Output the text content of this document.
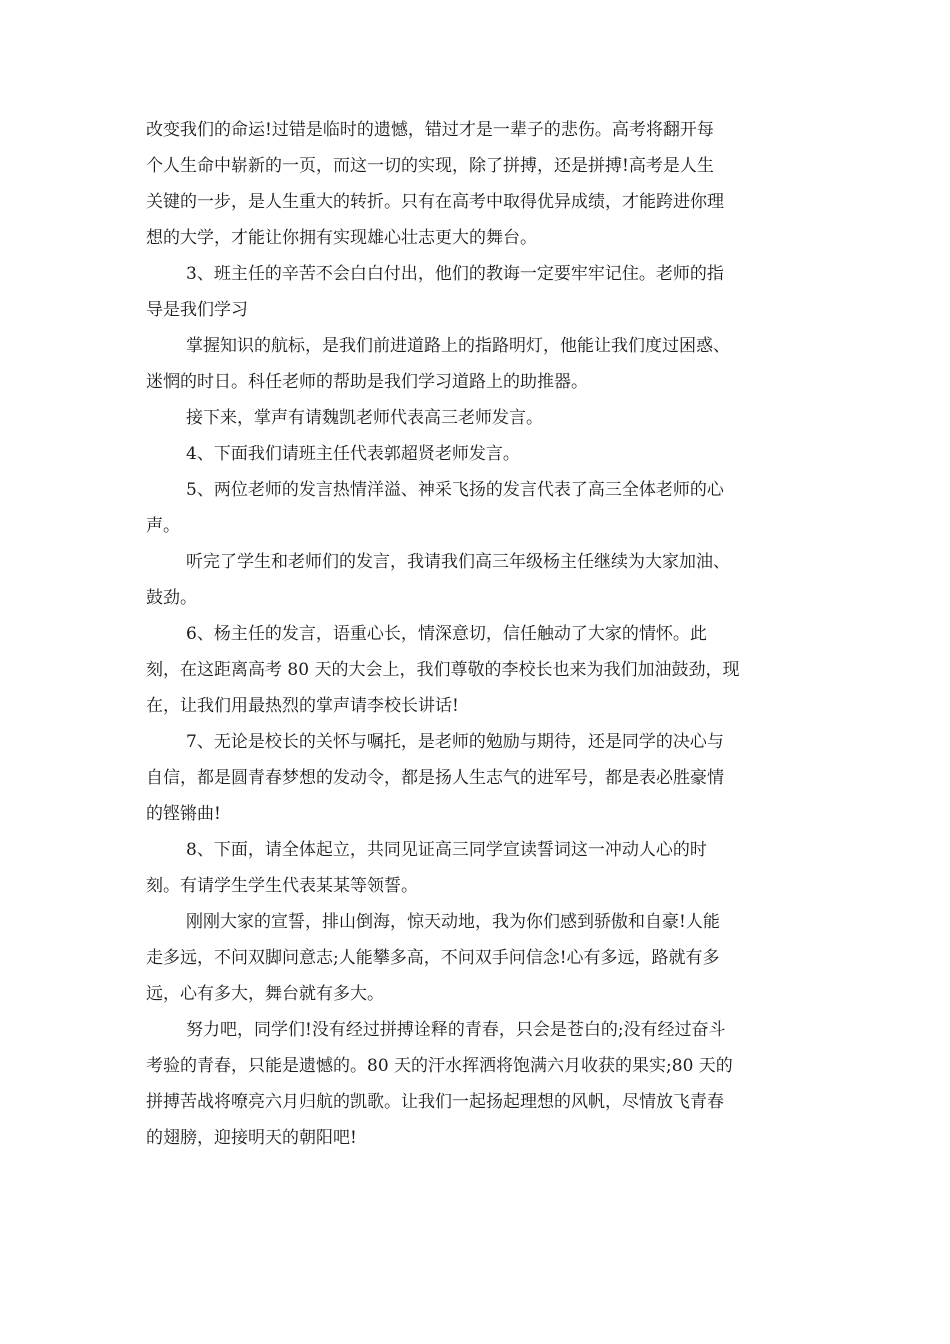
改变我们的命运!过错是临时的遗憾，错过才是一辈子的悲伤。高考将翻开每
个人生命中崭新的一页，而这一切的实现，除了拼搏，还是拼搏!高考是人生
关键的一步，是人生重大的转折。只有在高考中取得优异成绩，才能跨进你理
想的大学，才能让你拥有实现雄心壮志更大的舞台。

3、班主任的辛苦不会白白付出，他们的教诲一定要牢牢记住。老师的指
导是我们学习

掌握知识的航标，是我们前进道路上的指路明灯，他能让我们度过困惑、
迷惘的时日。科任老师的帮助是我们学习道路上的助推器。

接下来，掌声有请魏凯老师代表高三老师发言。

4、下面我们请班主任代表郭超贤老师发言。

5、两位老师的发言热情洋溢、神采飞扬的发言代表了高三全体老师的心
声。

听完了学生和老师们的发言，我请我们高三年级杨主任继续为大家加油、
鼓劲。

6、杨主任的发言，语重心长，情深意切，信任触动了大家的情怀。此
刻，在这距离高考 80 天的大会上，我们尊敬的李校长也来为我们加油鼓劲，现
在，让我们用最热烈的掌声请李校长讲话!

7、无论是校长的关怀与嘱托，是老师的勉励与期待，还是同学的决心与
自信，都是圆青春梦想的发动令，都是扬人生志气的进军号，都是表必胜豪情
的铿锵曲!

8、下面，请全体起立，共同见证高三同学宣读誓词这一冲动人心的时
刻。有请学生学生代表某某等领誓。

刚刚大家的宣誓，排山倒海，惊天动地，我为你们感到骄傲和自豪!人能
走多远，不问双脚问意志;人能攀多高，不问双手问信念!心有多远，路就有多
远，心有多大，舞台就有多大。

努力吧，同学们!没有经过拼搏诠释的青春，只会是苍白的;没有经过奋斗
考验的青春，只能是遗憾的。80 天的汗水挥洒将饱满六月收获的果实;80 天的
拼搏苦战将嘹亮六月归航的凯歌。让我们一起扬起理想的风帆，尽情放飞青春
的翅膀，迎接明天的朝阳吧!
